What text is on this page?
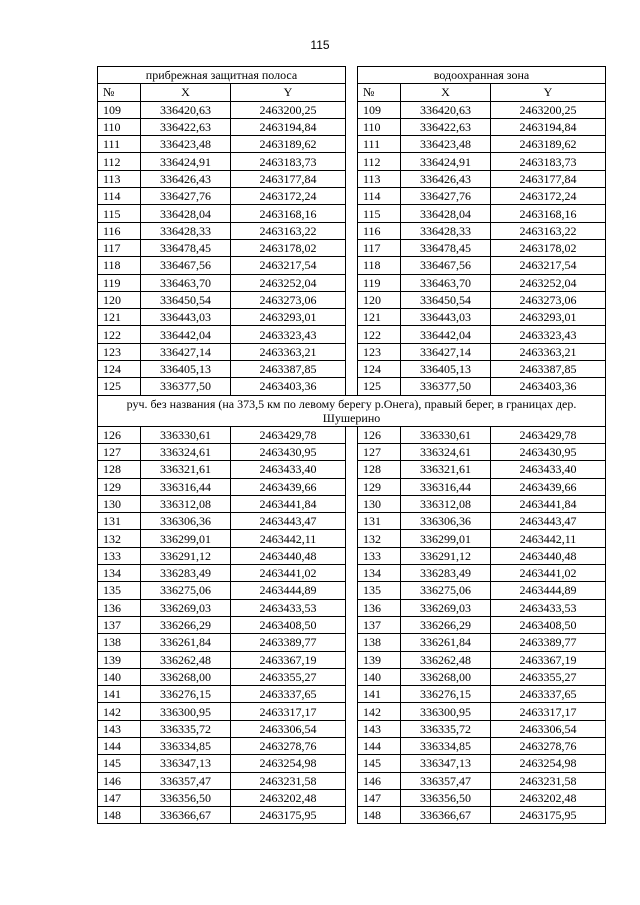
115
прибрежная защитная полоса				водоохранная зона		
№	X	Y		№	X	Y
109	336420,63	2463200,25		109	336420,63	2463200,25
110	336422,63	2463194,84		110	336422,63	2463194,84
111	336423,48	2463189,62		111	336423,48	2463189,62
112	336424,91	2463183,73		112	336424,91	2463183,73
113	336426,43	2463177,84		113	336426,43	2463177,84
114	336427,76	2463172,24		114	336427,76	2463172,24
115	336428,04	2463168,16		115	336428,04	2463168,16
116	336428,33	2463163,22		116	336428,33	2463163,22
117	336478,45	2463178,02		117	336478,45	2463178,02
118	336467,56	2463217,54		118	336467,56	2463217,54
119	336463,70	2463252,04		119	336463,70	2463252,04
120	336450,54	2463273,06		120	336450,54	2463273,06
121	336443,03	2463293,01		121	336443,03	2463293,01
122	336442,04	2463323,43		122	336442,04	2463323,43
123	336427,14	2463363,21		123	336427,14	2463363,21
124	336405,13	2463387,85		124	336405,13	2463387,85
125	336377,50	2463403,36		125	336377,50	2463403,36
руч. без названия (на 373,5 км по левому берегу р.Онега), правый берег, в границах дер. Шушерино						
126	336330,61	2463429,78		126	336330,61	2463429,78
127	336324,61	2463430,95		127	336324,61	2463430,95
128	336321,61	2463433,40		128	336321,61	2463433,40
129	336316,44	2463439,66		129	336316,44	2463439,66
130	336312,08	2463441,84		130	336312,08	2463441,84
131	336306,36	2463443,47		131	336306,36	2463443,47
132	336299,01	2463442,11		132	336299,01	2463442,11
133	336291,12	2463440,48		133	336291,12	2463440,48
134	336283,49	2463441,02		134	336283,49	2463441,02
135	336275,06	2463444,89		135	336275,06	2463444,89
136	336269,03	2463433,53		136	336269,03	2463433,53
137	336266,29	2463408,50		137	336266,29	2463408,50
138	336261,84	2463389,77		138	336261,84	2463389,77
139	336262,48	2463367,19		139	336262,48	2463367,19
140	336268,00	2463355,27		140	336268,00	2463355,27
141	336276,15	2463337,65		141	336276,15	2463337,65
142	336300,95	2463317,17		142	336300,95	2463317,17
143	336335,72	2463306,54		143	336335,72	2463306,54
144	336334,85	2463278,76		144	336334,85	2463278,76
145	336347,13	2463254,98		145	336347,13	2463254,98
146	336357,47	2463231,58		146	336357,47	2463231,58
147	336356,50	2463202,48		147	336356,50	2463202,48
148	336366,67	2463175,95		148	336366,67	2463175,95
